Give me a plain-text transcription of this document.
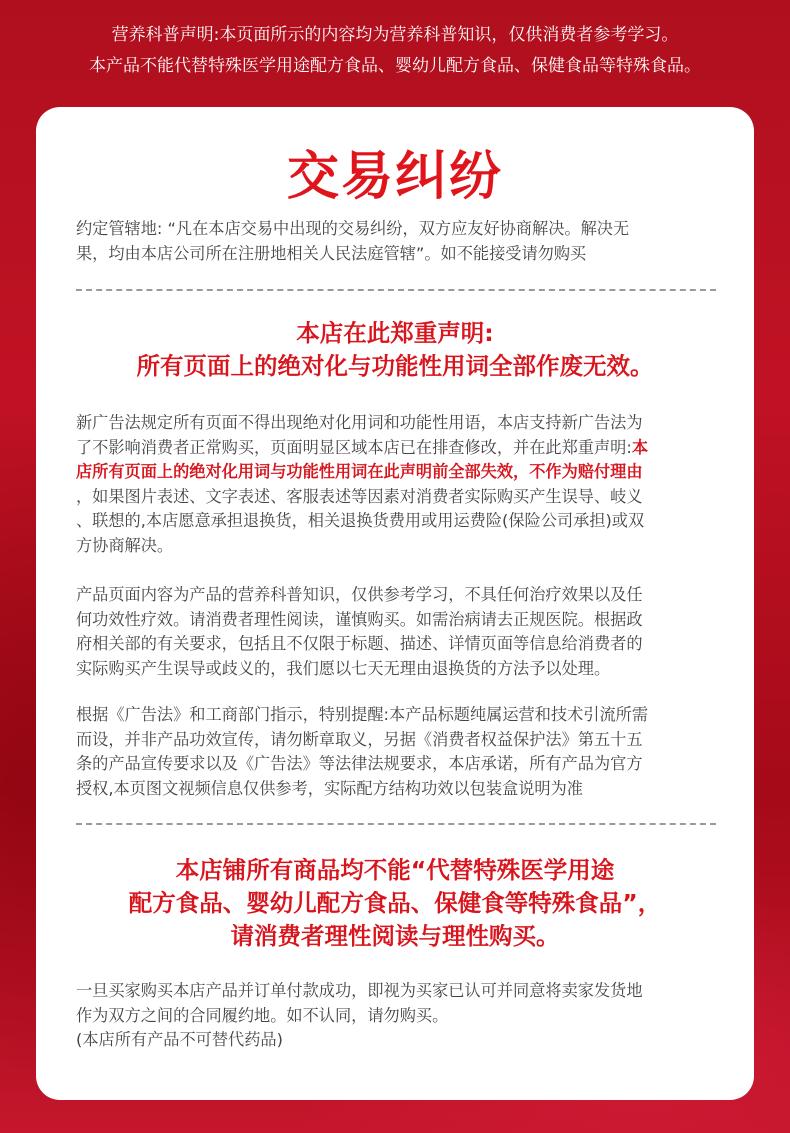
营养科普声明:本页面所示的内容均为营养科普知识，仅供消费者参考学习。
本产品不能代替特殊医学用途配方食品、婴幼儿配方食品、保健食品等特殊食品。
交易纠纷
约定管辖地: “凡在本店交易中出现的交易纠纷，双方应友好协商解决。解决无
果，均由本店公司所在注册地相关人民法庭管辖”。如不能接受请勿购买
本店在此郑重声明:
所有页面上的绝对化与功能性用词全部作废无效。
新广告法规定所有页面不得出现绝对化用词和功能性用语，本店支持新广告法为
了不影响消费者正常购买，页面明显区域本店已在排查修改，并在此郑重声明:本
店所有页面上的绝对化用词与功能性用词在此声明前全部失效，不作为赔付理由
，如果图片表述、文字表述、客服表述等因素对消费者实际购买产生误导、岐义
、联想的,本店愿意承担退换货，相关退换货费用或用运费险(保险公司承担)或双
方协商解决。
产品页面内容为产品的营养科普知识，仅供参考学习，不具任何治疗效果以及任
何功效性疗效。请消费者理性阅读，谨慎购买。如需治病请去正规医院。根据政
府相关部的有关要求，包括且不仅限于标题、描述、详情页面等信息给消费者的
实际购买产生误导或歧义的，我们愿以七天无理由退换货的方法予以处理。
根据《广告法》和工商部门指示，特别提醒:本产品标题纯属运营和技术引流所需
而设，并非产品功效宣传，请勿断章取义，另据《消费者权益保护法》第五十五
条的产品宣传要求以及《广告法》等法律法规要求，本店承诺，所有产品为官方
授权,本页图文视频信息仅供参考，实际配方结构功效以包装盒说明为准
本店铺所有商品均不能“代替特殊医学用途
配方食品、婴幼儿配方食品、保健食等特殊食品”，
请消费者理性阅读与理性购买。
一旦买家购买本店产品并订单付款成功，即视为买家已认可并同意将卖家发货地
作为双方之间的合同履约地。如不认同，请勿购买。
(本店所有产品不可替代药品)
